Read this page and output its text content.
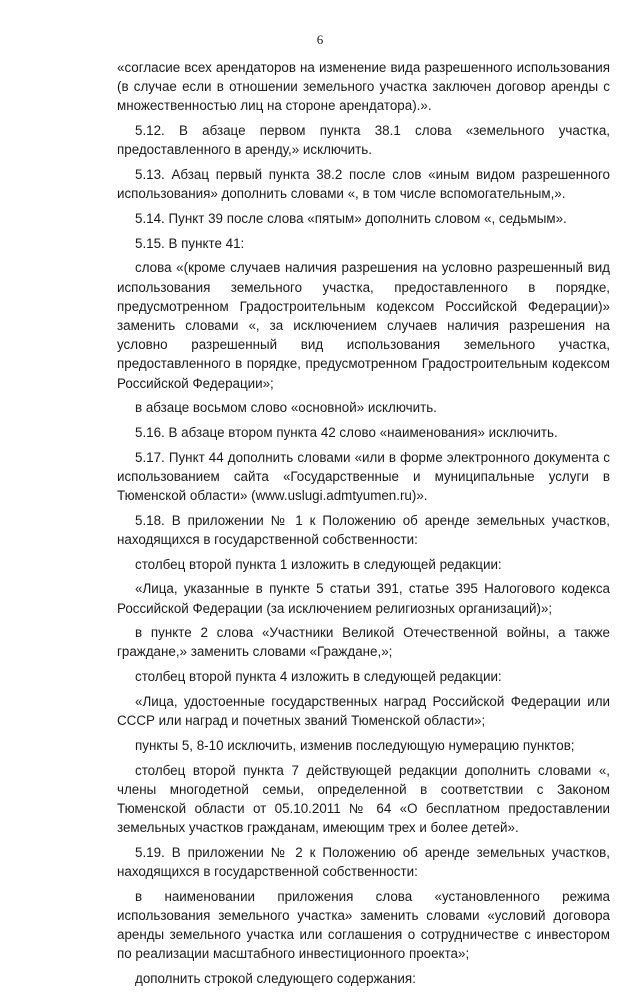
6

«согласие всех арендаторов на изменение вида разрешенного использования (в случае если в отношении земельного участка заключен договор аренды с множественностью лиц на стороне арендатора).».

5.12. В абзаце первом пункта 38.1 слова «земельного участка, предоставленного в аренду,» исключить.

5.13. Абзац первый пункта 38.2 после слов «иным видом разрешенного использования» дополнить словами «, в том числе вспомогательным,».

5.14. Пункт 39 после слова «пятым» дополнить словом «, седьмым».

5.15. В пункте 41:

слова «(кроме случаев наличия разрешения на условно разрешенный вид использования земельного участка, предоставленного в порядке, предусмотренном Градостроительным кодексом Российской Федерации)» заменить словами «, за исключением случаев наличия разрешения на условно разрешенный вид использования земельного участка, предоставленного в порядке, предусмотренном Градостроительным кодексом Российской Федерации»;

в абзаце восьмом слово «основной» исключить.

5.16. В абзаце втором пункта 42 слово «наименования» исключить.

5.17. Пункт 44 дополнить словами «или в форме электронного документа с использованием сайта «Государственные и муниципальные услуги в Тюменской области» (www.uslugi.admtyumen.ru)».

5.18. В приложении № 1 к Положению об аренде земельных участков, находящихся в государственной собственности:

столбец второй пункта 1 изложить в следующей редакции:

«Лица, указанные в пункте 5 статьи 391, статье 395 Налогового кодекса Российской Федерации (за исключением религиозных организаций)»;

в пункте 2 слова «Участники Великой Отечественной войны, а также граждане,» заменить словами «Граждане,»;

столбец второй пункта 4 изложить в следующей редакции:

«Лица, удостоенные государственных наград Российской Федерации или СССР или наград и почетных званий Тюменской области»;

пункты 5, 8-10 исключить, изменив последующую нумерацию пунктов;

столбец второй пункта 7 действующей редакции дополнить словами «, члены многодетной семьи, определенной в соответствии с Законом Тюменской области от 05.10.2011 № 64 «О бесплатном предоставлении земельных участков гражданам, имеющим трех и более детей».

5.19. В приложении № 2 к Положению об аренде земельных участков, находящихся в государственной собственности:

в наименовании приложения слова «установленного режима использования земельного участка» заменить словами «условий договора аренды земельного участка или соглашения о сотрудничестве с инвестором по реализации масштабного инвестиционного проекта»;

дополнить строкой следующего содержания:
